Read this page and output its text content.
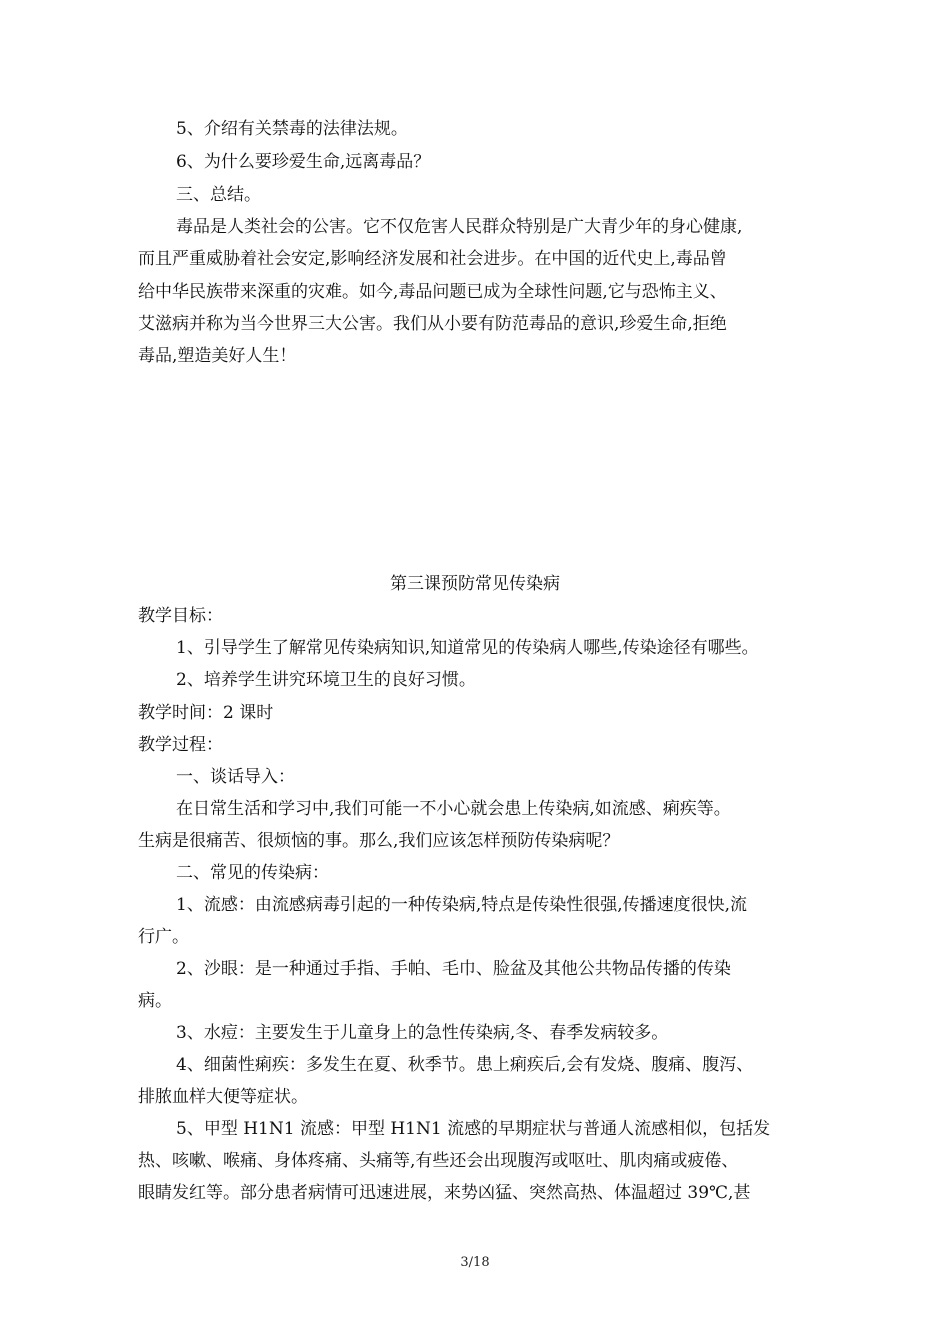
5、介绍有关禁毒的法律法规。
6、为什么要珍爱生命,远离毒品？
三、总结。
毒品是人类社会的公害。它不仅危害人民群众特别是广大青少年的身心健康,
而且严重威胁着社会安定,影响经济发展和社会进步。在中国的近代史上,毒品曾
给中华民族带来深重的灾难。如今,毒品问题已成为全球性问题,它与恐怖主义、
艾滋病并称为当今世界三大公害。我们从小要有防范毒品的意识,珍爱生命,拒绝
毒品,塑造美好人生！
第三课预防常见传染病
教学目标：
1、引导学生了解常见传染病知识,知道常见的传染病人哪些,传染途径有哪些。
2、培养学生讲究环境卫生的良好习惯。
教学时间：2 课时
教学过程：
一、谈话导入：
在日常生活和学习中,我们可能一不小心就会患上传染病,如流感、痢疾等。
生病是很痛苦、很烦恼的事。那么,我们应该怎样预防传染病呢？
二、常见的传染病：
1、流感：由流感病毒引起的一种传染病,特点是传染性很强,传播速度很快,流
行广。
2、沙眼：是一种通过手指、手帕、毛巾、脸盆及其他公共物品传播的传染
病。
3、水痘：主要发生于儿童身上的急性传染病,冬、春季发病较多。
4、细菌性痢疾：多发生在夏、秋季节。患上痢疾后,会有发烧、腹痛、腹泻、
排脓血样大便等症状。
5、甲型 H1N1 流感：甲型 H1N1 流感的早期症状与普通人流感相似，包括发
热、咳嗽、喉痛、身体疼痛、头痛等,有些还会出现腹泻或呕吐、肌肉痛或疲倦、
眼睛发红等。部分患者病情可迅速进展，来势凶猛、突然高热、体温超过 39℃,甚
3/18
